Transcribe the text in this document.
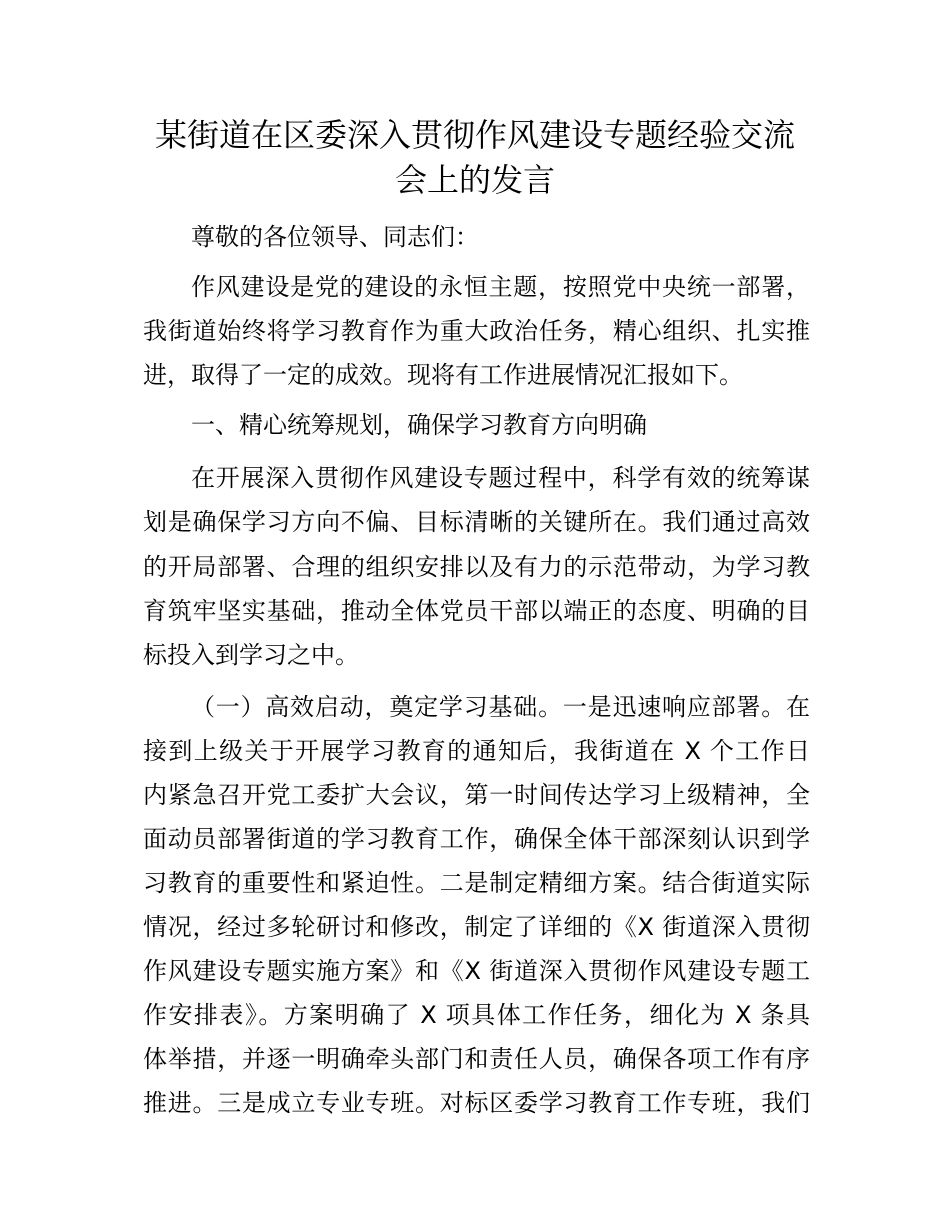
某街道在区委深入贯彻作风建设专题经验交流
会上的发言
尊敬的各位领导、同志们：
作风建设是党的建设的永恒主题，按照党中央统一部署，
我街道始终将学习教育作为重大政治任务，精心组织、扎实推
进，取得了一定的成效。现将有工作进展情况汇报如下。
一、精心统筹规划，确保学习教育方向明确
在开展深入贯彻作风建设专题过程中，科学有效的统筹谋
划是确保学习方向不偏、目标清晰的关键所在。我们通过高效
的开局部署、合理的组织安排以及有力的示范带动，为学习教
育筑牢坚实基础，推动全体党员干部以端正的态度、明确的目
标投入到学习之中。
（一）高效启动，奠定学习基础。一是迅速响应部署。在
接到上级关于开展学习教育的通知后，我街道在 X 个工作日
内紧急召开党工委扩大会议，第一时间传达学习上级精神，全
面动员部署街道的学习教育工作，确保全体干部深刻认识到学
习教育的重要性和紧迫性。二是制定精细方案。结合街道实际
情况，经过多轮研讨和修改，制定了详细的《X 街道深入贯彻
作风建设专题实施方案》和《X 街道深入贯彻作风建设专题工
作安排表》。方案明确了 X 项具体工作任务，细化为 X 条具
体举措，并逐一明确牵头部门和责任人员，确保各项工作有序
推进。三是成立专业专班。对标区委学习教育工作专班，我们
